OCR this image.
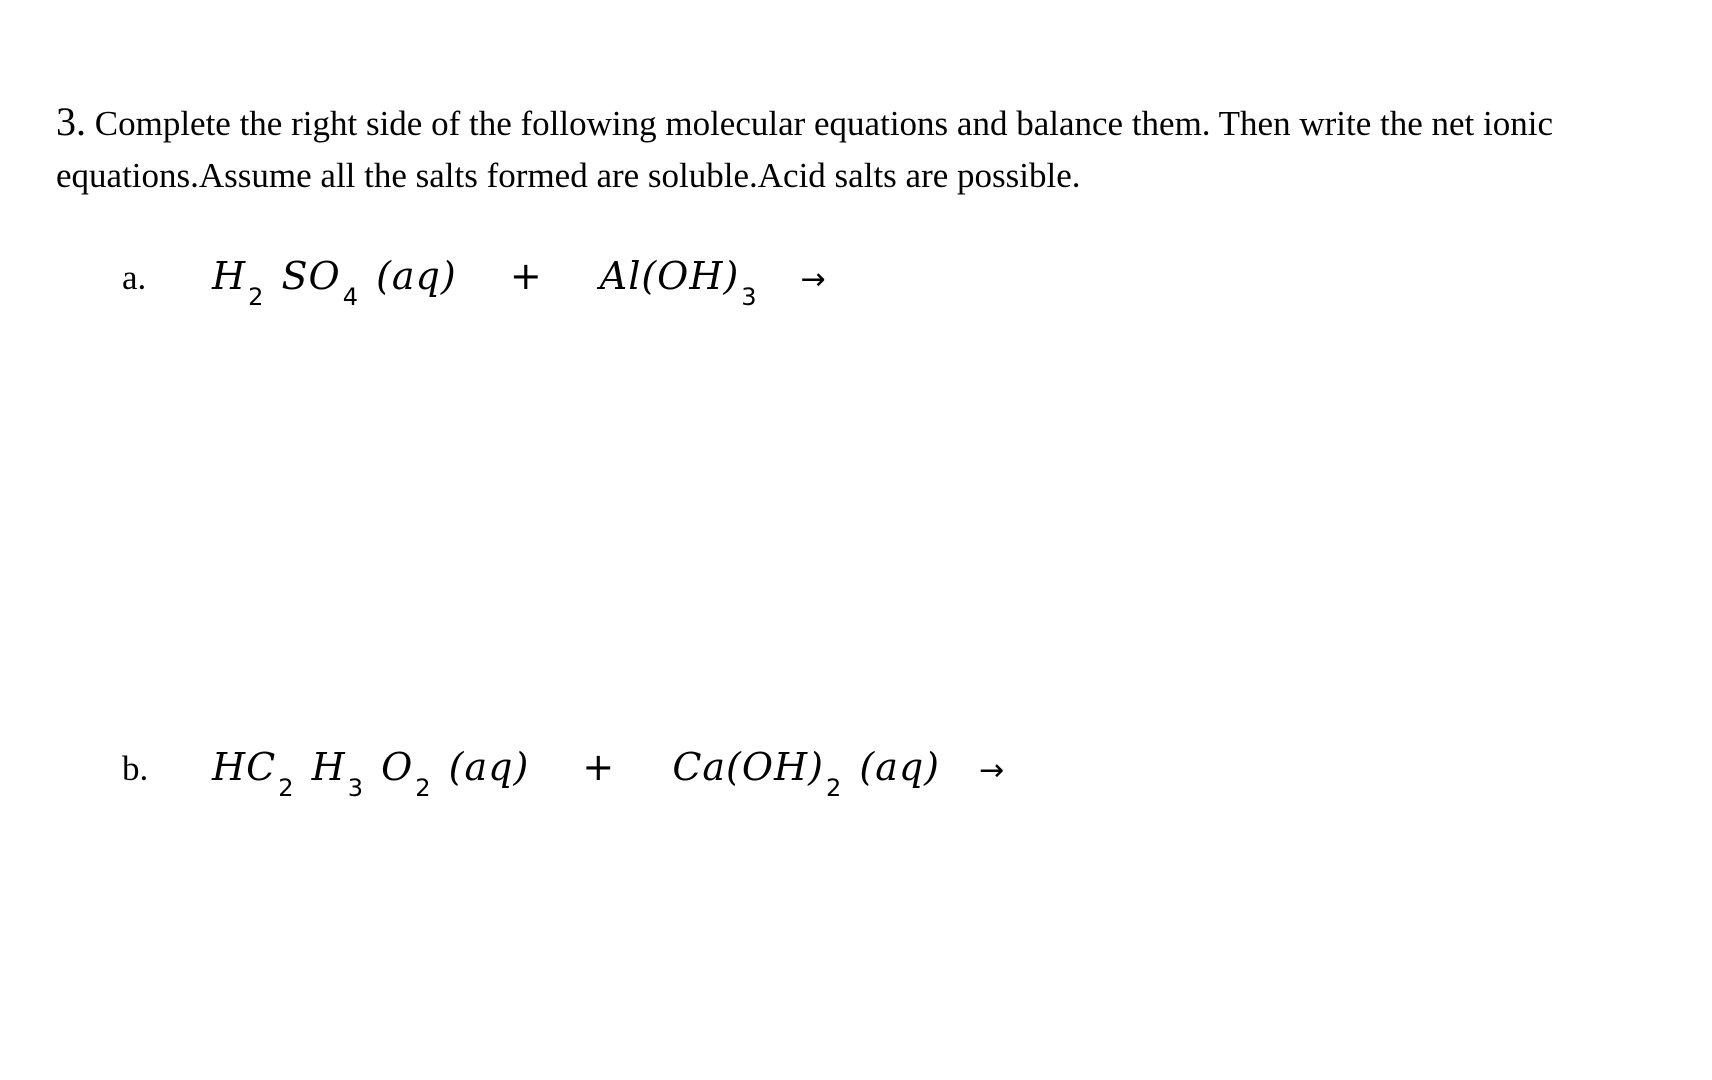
3. Complete the right side of the following molecular equations and balance them. Then write the net ionic equations.Assume all the salts formed are soluble.Acid salts are possible.
a.	$H_2$ $SO_4$ $(aq) + Al(OH)_3$ →
b.	$HC_2$ $H_3$ $O_2$ $(aq) + Ca(OH)_2$ (aq) →
